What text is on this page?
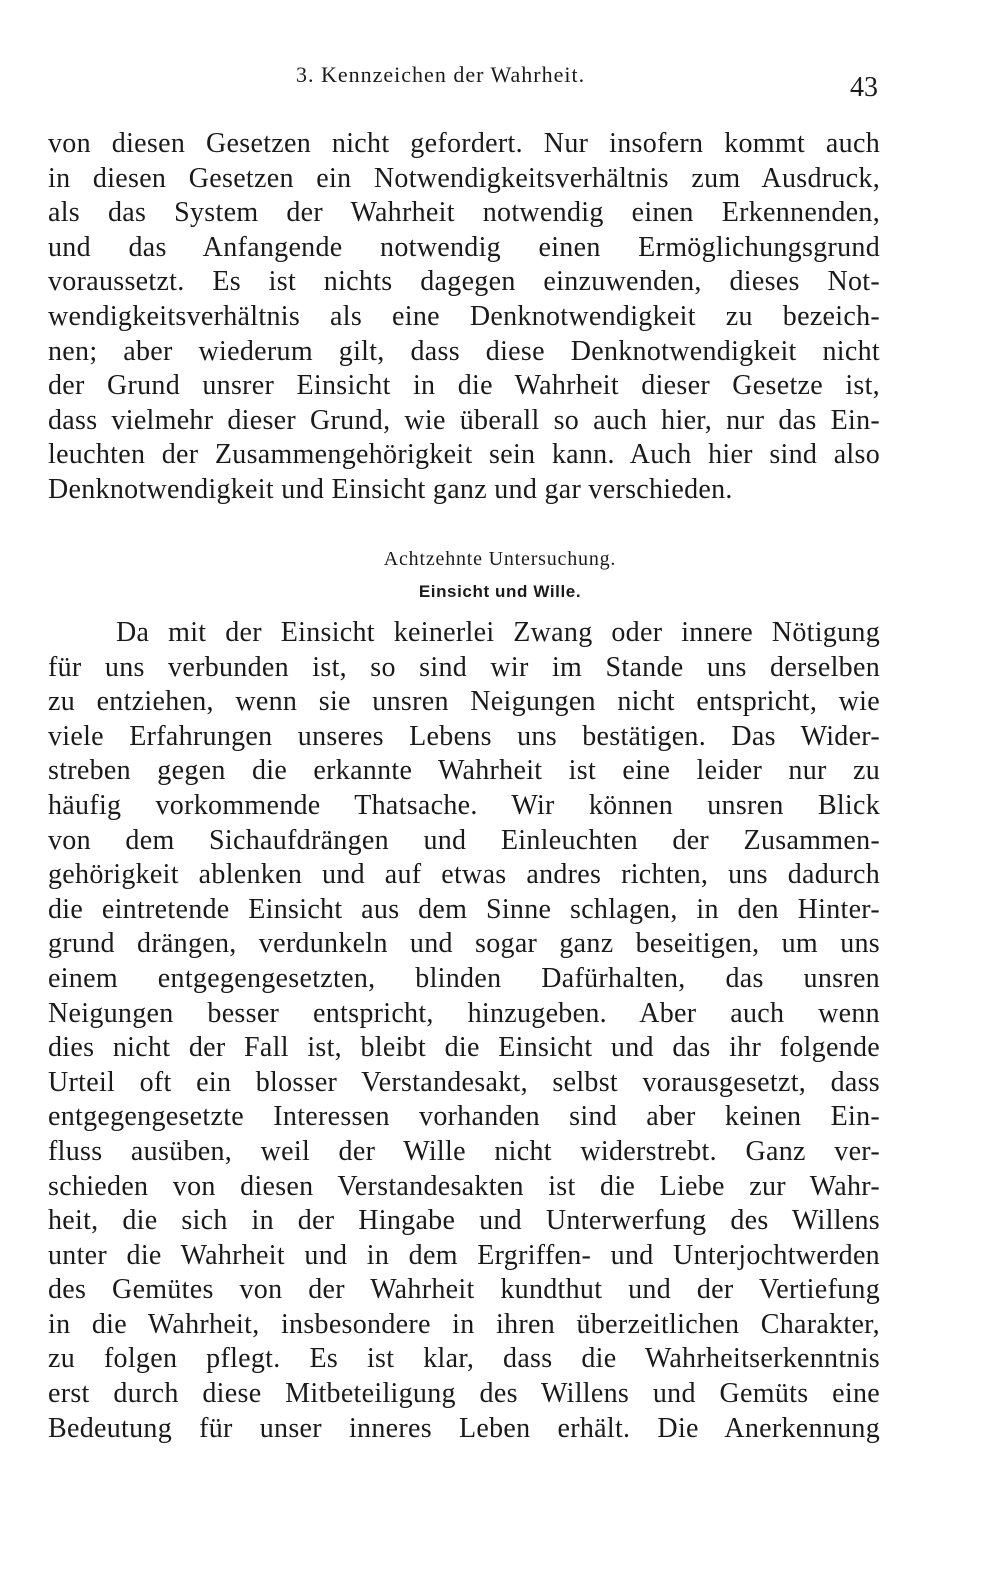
3. Kennzeichen der Wahrheit.	43
von diesen Gesetzen nicht gefordert. Nur insofern kommt auch
in diesen Gesetzen ein Notwendigkeitsverhältnis zum Ausdruck,
als das System der Wahrheit notwendig einen Erkennenden,
und das Anfangende notwendig einen Ermöglichungsgrund
voraussetzt. Es ist nichts dagegen einzuwenden, dieses Not-
wendigkeitsverhältnis als eine Denknotwendigkeit zu bezeich-
nen; aber wiederum gilt, dass diese Denknotwendigkeit nicht
der Grund unsrer Einsicht in die Wahrheit dieser Gesetze ist,
dass vielmehr dieser Grund, wie überall so auch hier, nur das Ein-
leuchten der Zusammengehörigkeit sein kann. Auch hier sind also
Denknotwendigkeit und Einsicht ganz und gar verschieden.
Achtzehnte Untersuchung.
Einsicht und Wille.
Da mit der Einsicht keinerlei Zwang oder innere Nötigung
für uns verbunden ist, so sind wir im Stande uns derselben
zu entziehen, wenn sie unsren Neigungen nicht entspricht, wie
viele Erfahrungen unseres Lebens uns bestätigen. Das Wider-
streben gegen die erkannte Wahrheit ist eine leider nur zu
häufig vorkommende Thatsache. Wir können unsren Blick
von dem Sichaufdrängen und Einleuchten der Zusammen-
gehörigkeit ablenken und auf etwas andres richten, uns dadurch
die eintretende Einsicht aus dem Sinne schlagen, in den Hinter-
grund drängen, verdunkeln und sogar ganz beseitigen, um uns
einem entgegengesetzten, blinden Dafürhalten, das unsren
Neigungen besser entspricht, hinzugeben. Aber auch wenn
dies nicht der Fall ist, bleibt die Einsicht und das ihr folgende
Urteil oft ein blosser Verstandesakt, selbst vorausgesetzt, dass
entgegengesetzte Interessen vorhanden sind aber keinen Ein-
fluss ausüben, weil der Wille nicht widerstrebt. Ganz ver-
schieden von diesen Verstandesakten ist die Liebe zur Wahr-
heit, die sich in der Hingabe und Unterwerfung des Willens
unter die Wahrheit und in dem Ergriffen- und Unterjochtwerden
des Gemütes von der Wahrheit kundthut und der Vertiefung
in die Wahrheit, insbesondere in ihren überzeitlichen Charakter,
zu folgen pflegt. Es ist klar, dass die Wahrheitserkenntnis
erst durch diese Mitbeteiligung des Willens und Gemüts eine
Bedeutung für unser inneres Leben erhält. Die Anerkennung
